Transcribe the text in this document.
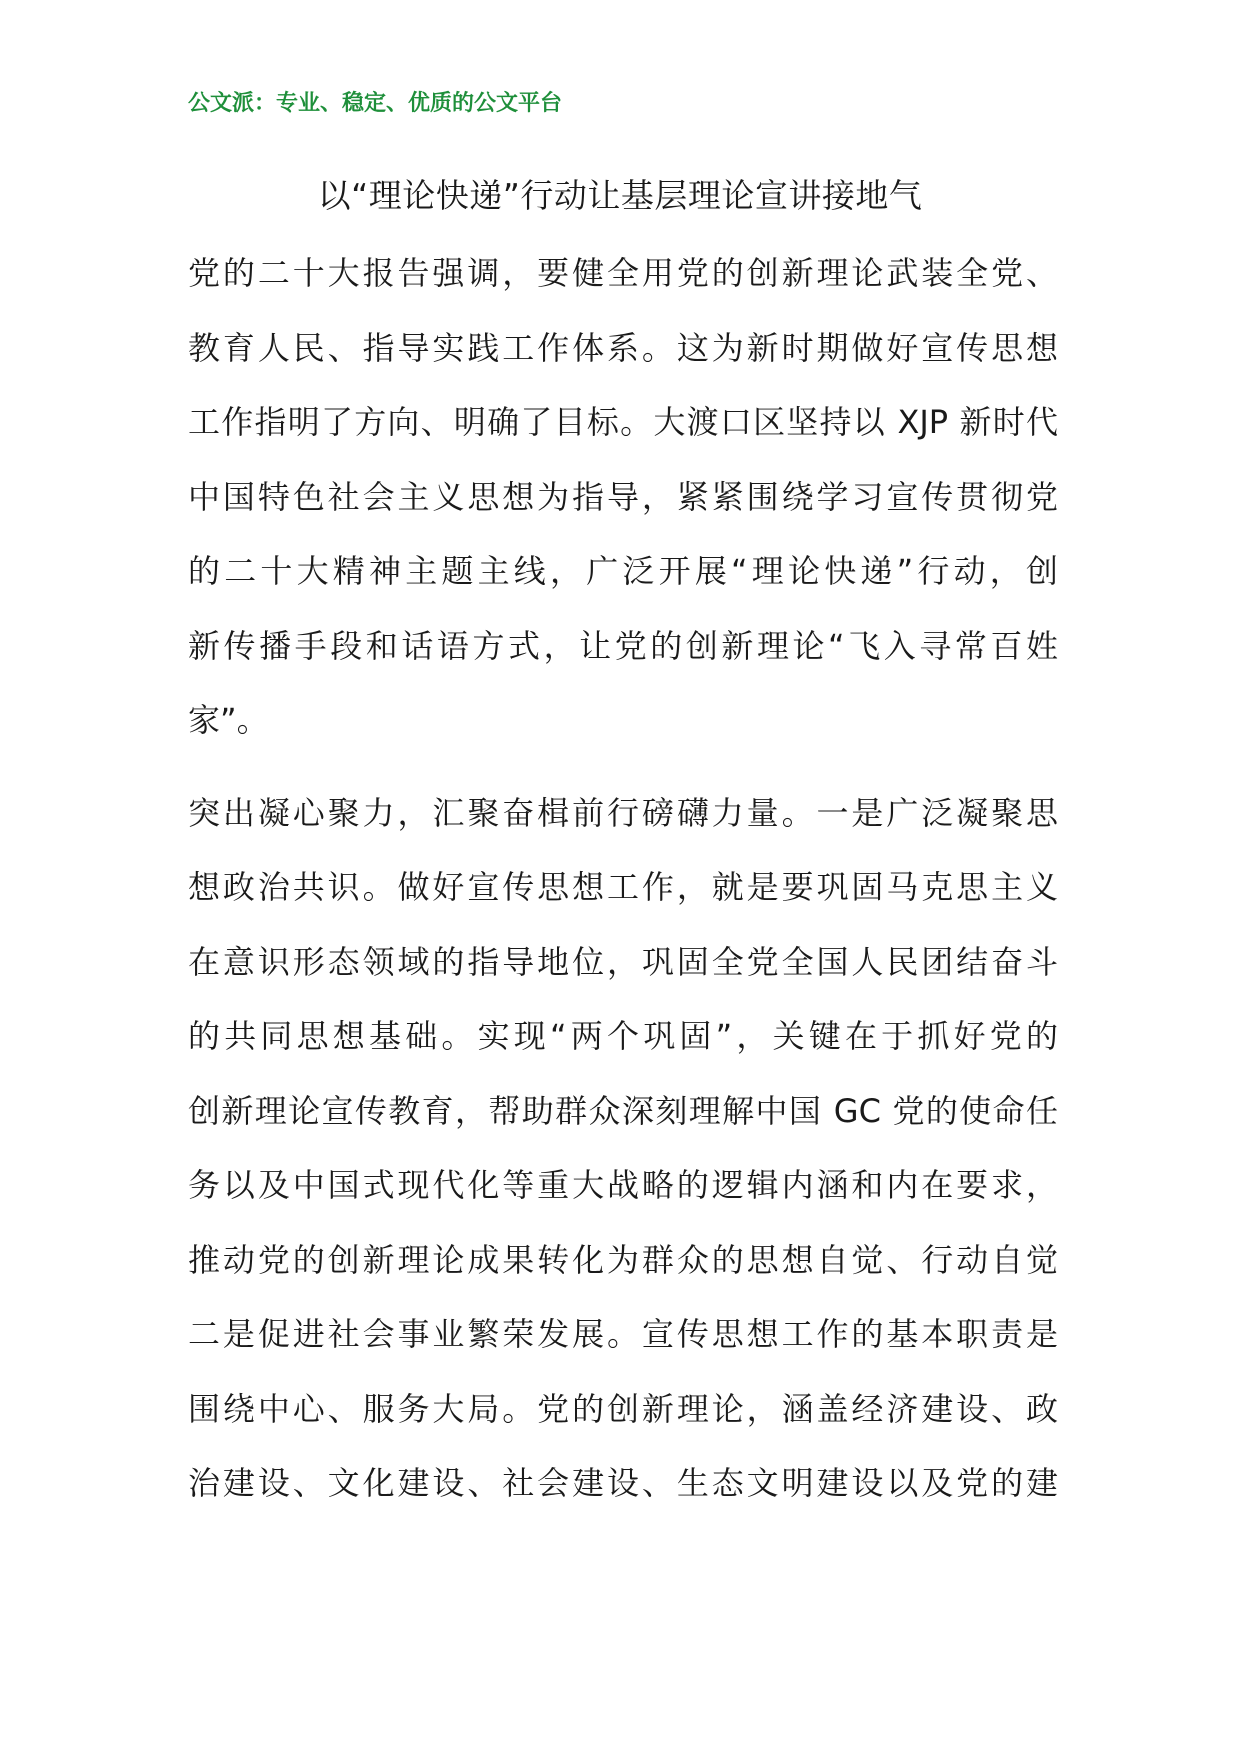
公文派：专业、稳定、优质的公文平台
以“理论快递”行动让基层理论宣讲接地气
党的二十大报告强调，要健全用党的创新理论武装全党、
教育人民、指导实践工作体系。这为新时期做好宣传思想
工作指明了方向、明确了目标。大渡口区坚持以 XJP 新时代
中国特色社会主义思想为指导，紧紧围绕学习宣传贯彻党
的二十大精神主题主线，广泛开展“理论快递”行动，创
新传播手段和话语方式，让党的创新理论“飞入寻常百姓
家”。
突出凝心聚力，汇聚奋楫前行磅礴力量。一是广泛凝聚思
想政治共识。做好宣传思想工作，就是要巩固马克思主义
在意识形态领域的指导地位，巩固全党全国人民团结奋斗
的共同思想基础。实现“两个巩固”，关键在于抓好党的
创新理论宣传教育，帮助群众深刻理解中国 GC 党的使命任
务以及中国式现代化等重大战略的逻辑内涵和内在要求，
推动党的创新理论成果转化为群众的思想自觉、行动自觉
二是促进社会事业繁荣发展。宣传思想工作的基本职责是
围绕中心、服务大局。党的创新理论，涵盖经济建设、政
治建设、文化建设、社会建设、生态文明建设以及党的建
